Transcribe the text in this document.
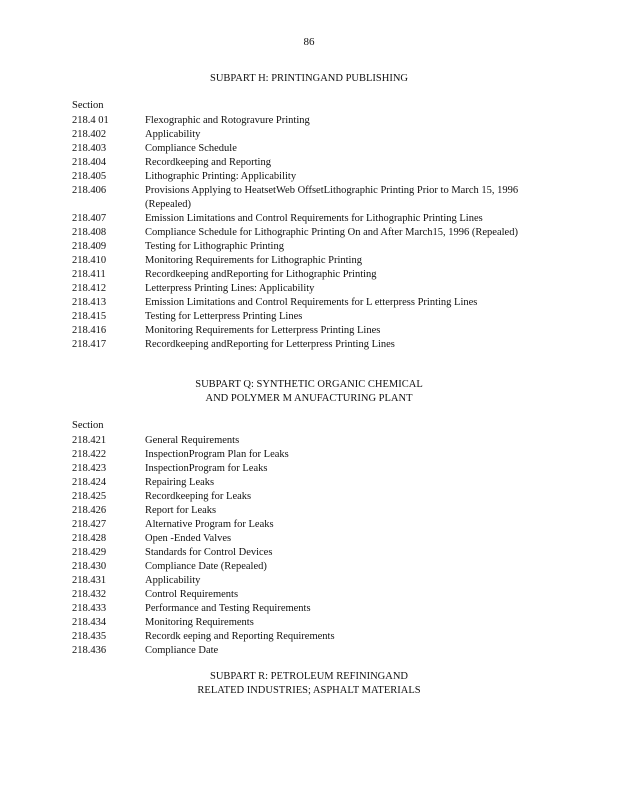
86
SUBPART H: PRINTINGAND PUBLISHING
Section
218.4 01	Flexographic and Rotogravure Printing
218.402	Applicability
218.403	Compliance Schedule
218.404	Recordkeeping and Reporting
218.405	Lithographic Printing: Applicability
218.406	Provisions Applying to HeatsetWeb OffsetLithographic Printing Prior to March 15, 1996 (Repealed)
218.407	Emission Limitations and Control Requirements for Lithographic Printing Lines
218.408	Compliance Schedule for Lithographic Printing On and After March15, 1996 (Repealed)
218.409	Testing for Lithographic Printing
218.410	Monitoring Requirements for Lithographic Printing
218.411	Recordkeeping andReporting for Lithographic Printing
218.412	Letterpress Printing Lines: Applicability
218.413	Emission Limitations and Control Requirements for L etterpress Printing Lines
218.415	Testing for Letterpress Printing Lines
218.416	Monitoring Requirements for Letterpress Printing Lines
218.417	Recordkeeping andReporting for Letterpress Printing Lines
SUBPART Q: SYNTHETIC ORGANIC CHEMICAL
AND POLYMER M ANUFACTURING PLANT
Section
218.421	General Requirements
218.422	InspectionProgram Plan for Leaks
218.423	InspectionProgram for Leaks
218.424	Repairing Leaks
218.425	Recordkeeping for Leaks
218.426	Report for Leaks
218.427	Alternative Program for Leaks
218.428	Open -Ended Valves
218.429	Standards for Control Devices
218.430	Compliance Date (Repealed)
218.431	Applicability
218.432	Control Requirements
218.433	Performance and Testing Requirements
218.434	Monitoring Requirements
218.435	Recordk eeping and Reporting Requirements
218.436	Compliance Date
SUBPART R: PETROLEUM REFININGAND
RELATED INDUSTRIES; ASPHALT MATERIALS
